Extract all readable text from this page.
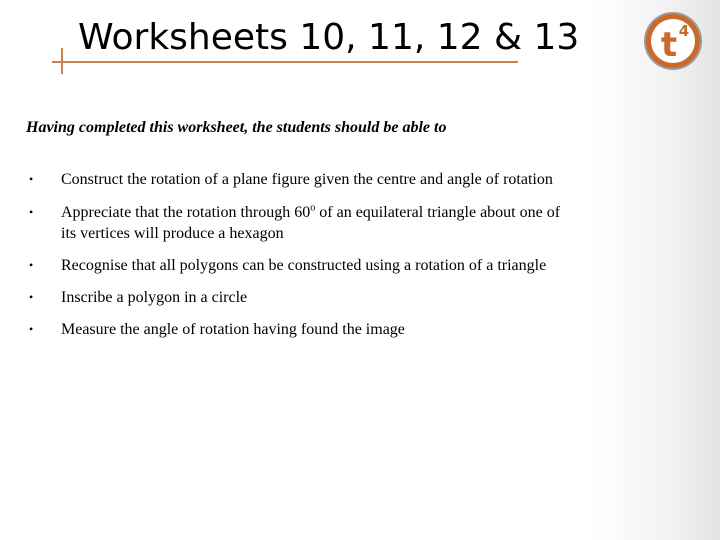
Worksheets 10, 11, 12 & 13 t 4

Having completed this worksheet, the students should be able to

• Construct the rotation of a plane figure given the centre and angle of rotation
• Appreciate that the rotation through 60$^o$ of an equilateral triangle about one of
its vertices will produce a hexagon
• Recognise that all polygons can be constructed using a rotation of a triangle
• Inscribe a polygon in a circle
• Measure the angle of rotation having found the image
